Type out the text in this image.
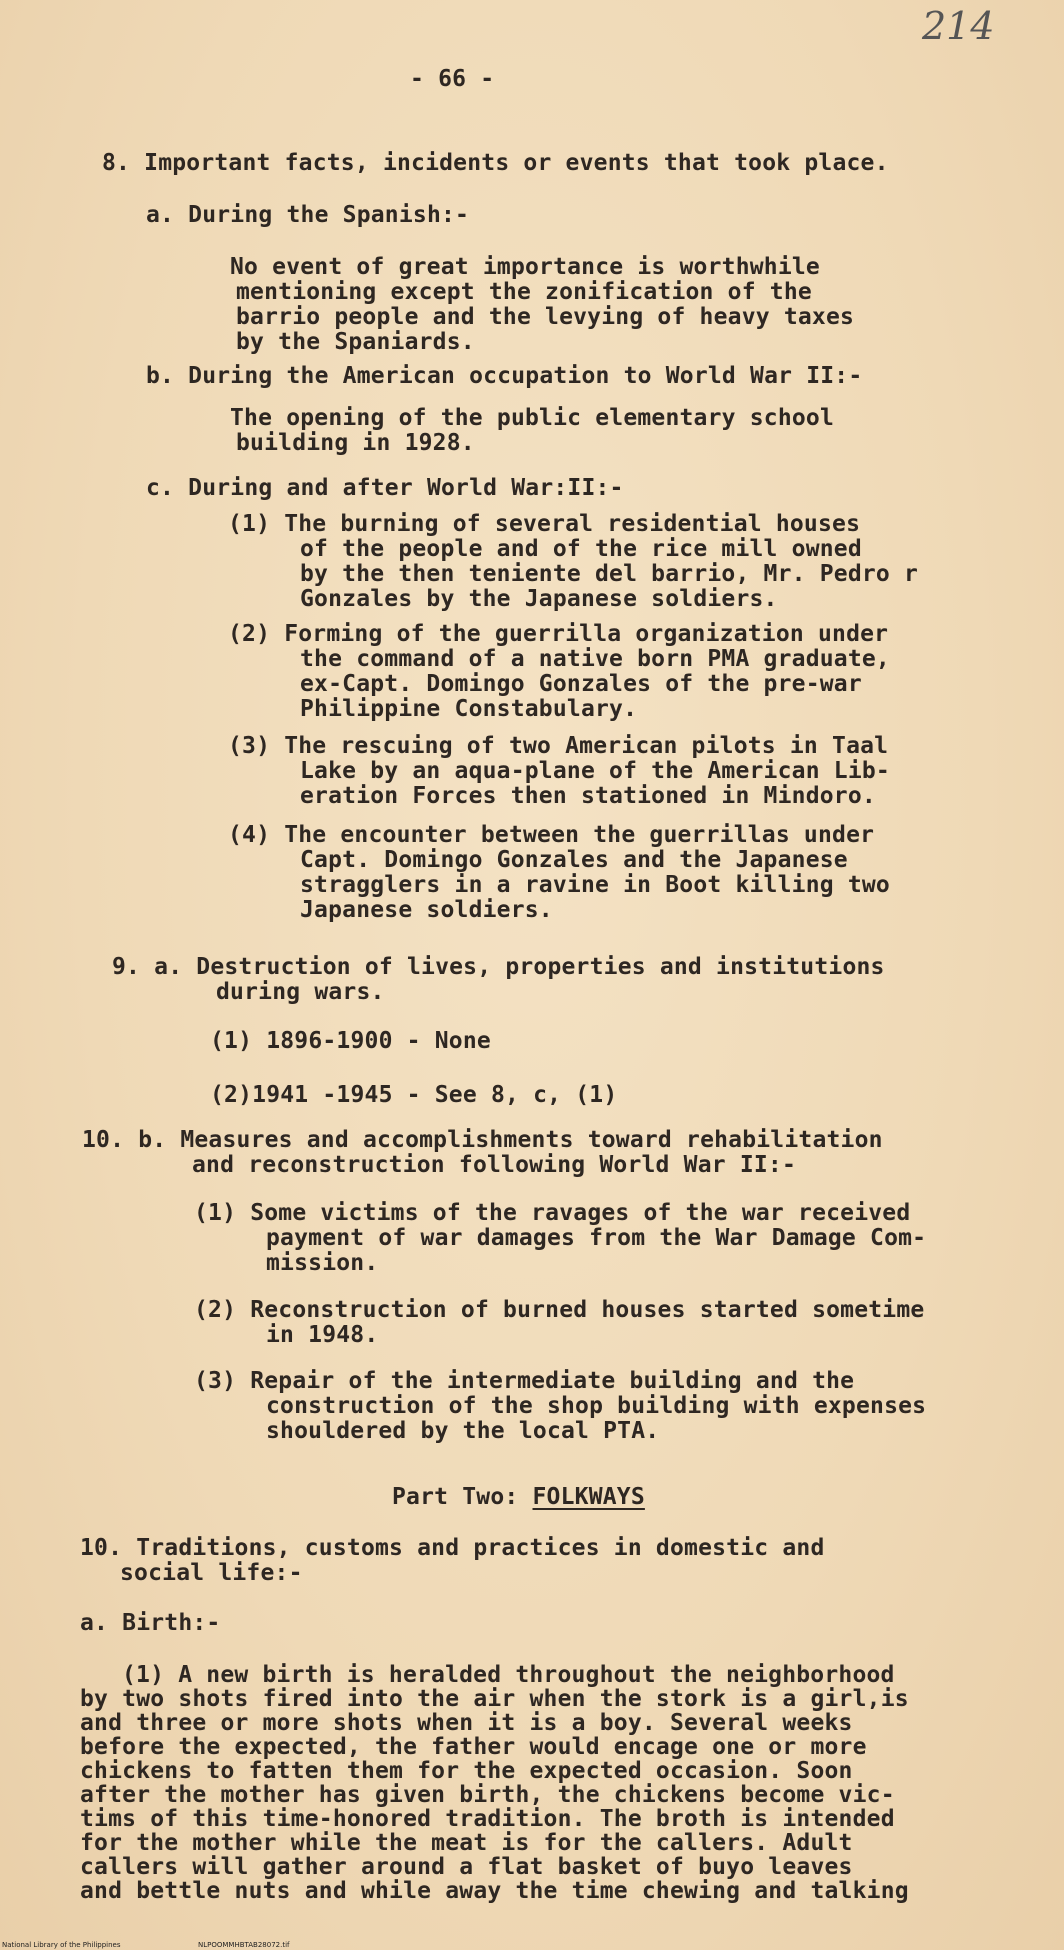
214

- 66 -

8. Important facts, incidents or events that took place.

a. During the Spanish:-

No event of great importance is worthwhile

mentioning except the zonification of the

barrio people and the levying of heavy taxes

by the Spaniards.

b. During the American occupation to World War II:-

The opening of the public elementary school

building in 1928.

c. During and after World War:II:-

(1) The burning of several residential houses

of the people and of the rice mill owned

by the then teniente del barrio, Mr. Pedro r

Gonzales by the Japanese soldiers.

(2) Forming of the guerrilla organization under

the command of a native born PMA graduate,

ex-Capt. Domingo Gonzales of the pre-war

Philippine Constabulary.

(3) The rescuing of two American pilots in Taal

Lake by an aqua-plane of the American Lib-

eration Forces then stationed in Mindoro.

(4) The encounter between the guerrillas under

Capt. Domingo Gonzales and the Japanese

stragglers in a ravine in Boot killing two

Japanese soldiers.

9. a. Destruction of lives, properties and institutions

during wars.

(1) 1896-1900 - None

(2)1941 -1945 - See 8, c, (1)

10. b. Measures and accomplishments toward rehabilitation

and reconstruction following World War II:-

(1) Some victims of the ravages of the war received

payment of war damages from the War Damage Com-

mission.

(2) Reconstruction of burned houses started sometime

in 1948.

(3) Repair of the intermediate building and the

construction of the shop building with expenses

shouldered by the local PTA.

Part Two: FOLKWAYS

10. Traditions, customs and practices in domestic and

social life:-

a. Birth:-

(1) A new birth is heralded throughout the neighborhood

by two shots fired into the air when the stork is a girl,is

and three or more shots when it is a boy. Several weeks

before the expected, the father would encage one or more

chickens to fatten them for the expected occasion. Soon

after the mother has given birth, the chickens become vic-

tims of this time-honored tradition. The broth is intended

for the mother while the meat is for the callers. Adult

callers will gather around a flat basket of buyo leaves

and bettle nuts and while away the time chewing and talking

National Library of the Philippines	NLPOOMMHBTAB28072.tif
